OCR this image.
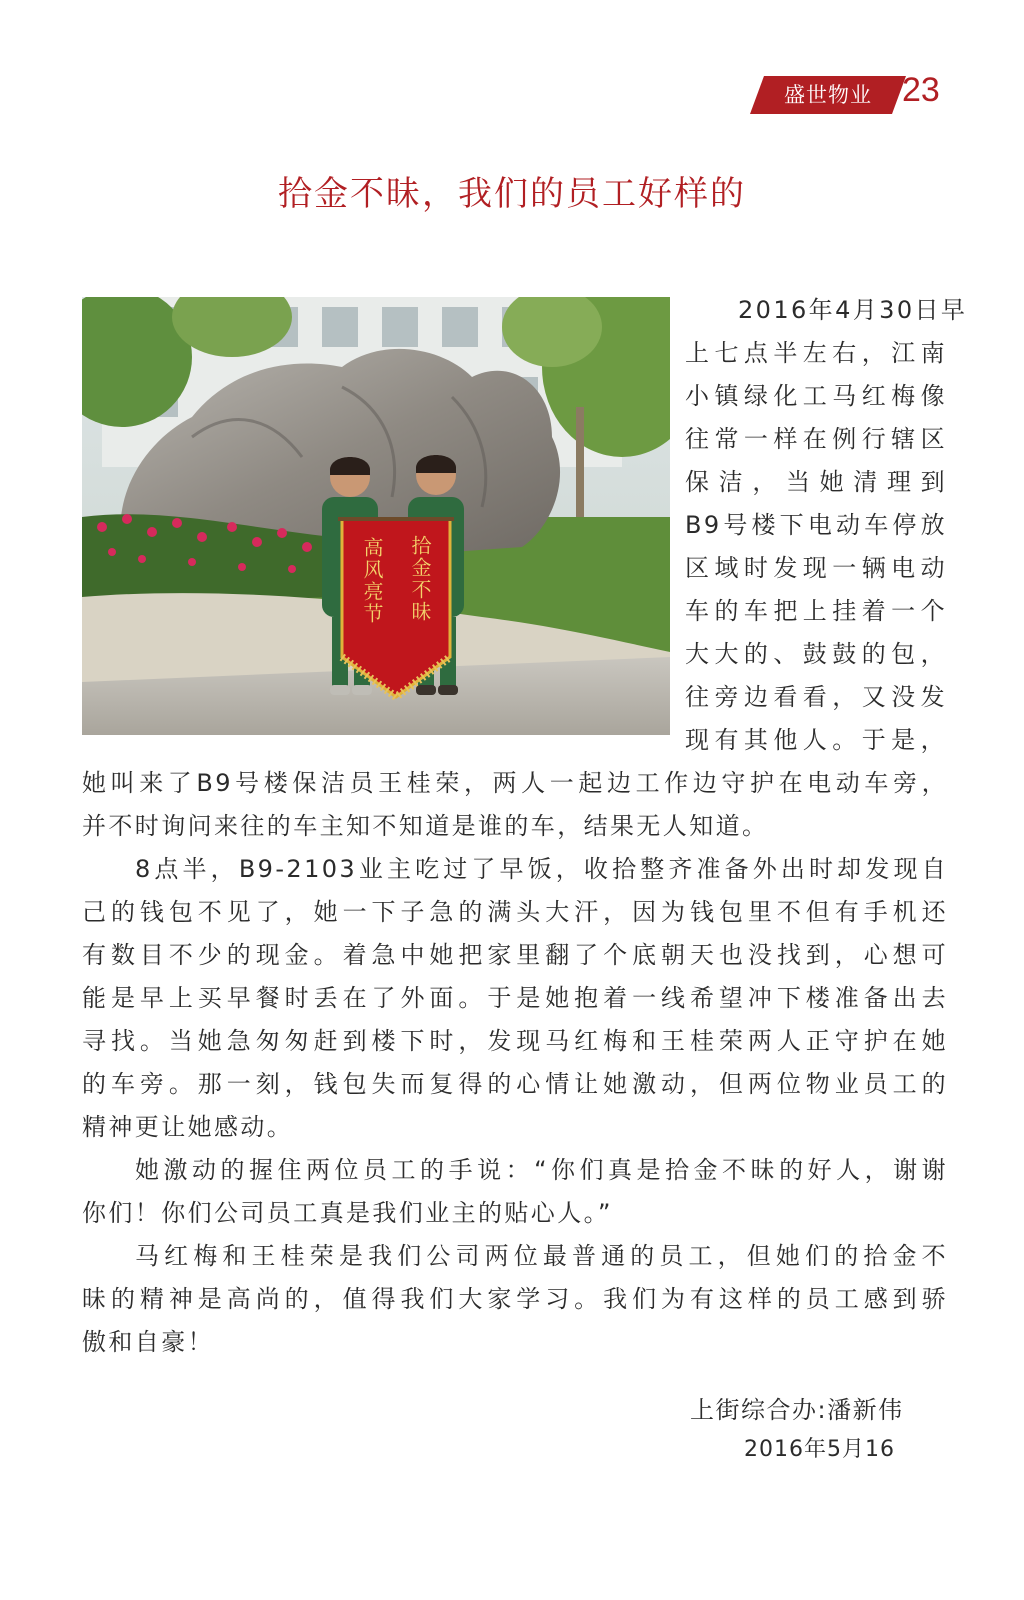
盛世物业 23
拾金不昧，我们的员工好样的
高风亮节 拾金不昧
2016年4月30日早
上七点半左右，江南
小镇绿化工马红梅像
往常一样在例行辖区
保洁，当她清理到
B9号楼下电动车停放
区域时发现一辆电动
车的车把上挂着一个
大大的、鼓鼓的包，
往旁边看看，又没发
现有其他人。于是，
她叫来了B9号楼保洁员王桂荣，两人一起边工作边守护在电动车旁，
并不时询问来往的车主知不知道是谁的车，结果无人知道。
8点半，B9-2103业主吃过了早饭，收拾整齐准备外出时却发现自
己的钱包不见了，她一下子急的满头大汗，因为钱包里不但有手机还
有数目不少的现金。着急中她把家里翻了个底朝天也没找到，心想可
能是早上买早餐时丢在了外面。于是她抱着一线希望冲下楼准备出去
寻找。当她急匆匆赶到楼下时，发现马红梅和王桂荣两人正守护在她
的车旁。那一刻，钱包失而复得的心情让她激动，但两位物业员工的
精神更让她感动。
她激动的握住两位员工的手说：“你们真是拾金不昧的好人，谢谢
你们！你们公司员工真是我们业主的贴心人。”
马红梅和王桂荣是我们公司两位最普通的员工，但她们的拾金不
昧的精神是高尚的，值得我们大家学习。我们为有这样的员工感到骄
傲和自豪！
上街综合办:潘新伟
2016年5月16
